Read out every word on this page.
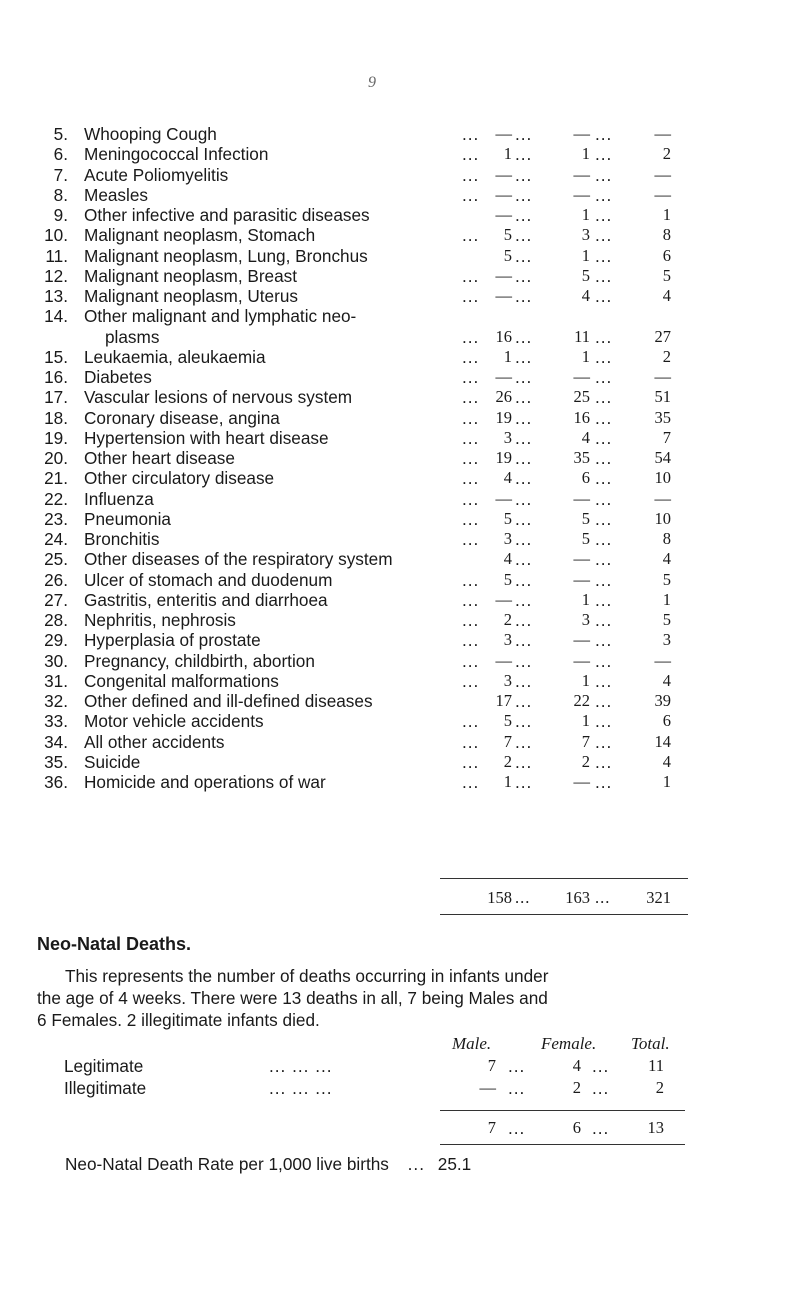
9
5. Whooping Cough	... — ...	— ...	—
6. Meningococcal Infection	...	1 ...	1 ...	2
7. Acute Poliomyelitis	... — ...	— ...	—
8. Measles	... — ...	— ...	—
9. Other infective and parasitic diseases	— ...	1 ...	1
10. Malignant neoplasm, Stomach	...	5 ...	3 ...	8
11. Malignant neoplasm, Lung, Bronchus	5 ...	1 ...	6
12. Malignant neoplasm, Breast	... — ...	5 ...	5
13. Malignant neoplasm, Uterus	... — ...	4 ...	4
14. Other malignant and lymphatic neo-
plasms	... 16 ...	11 ...	27
15. Leukaemia, aleukaemia	...	1 ...	1 ...	2
16. Diabetes	... — ...	— ...	—
17. Vascular lesions of nervous system	... 26 ...	25 ...	51
18. Coronary disease, angina	... 19 ...	16 ...	35
19. Hypertension with heart disease	...	3 ...	4 ...	7
20. Other heart disease	... 19 ...	35 ...	54
21. Other circulatory disease	...	4 ...	6 ...	10
22. Influenza	... — ...	— ...	—
23. Pneumonia	...	5 ...	5 ...	10
24. Bronchitis	...	3 ...	5 ...	8
25. Other diseases of the respiratory system	4 ...	— ...	4
26. Ulcer of stomach and duodenum	...	5 ...	— ...	5
27. Gastritis, enteritis and diarrhoea	... — ...	1 ...	1
28. Nephritis, nephrosis	...	2 ...	3 ...	5
29. Hyperplasia of prostate	...	3 ...	— ...	3
30. Pregnancy, childbirth, abortion	... — ...	— ...	—
31. Congenital malformations	...	3 ...	1 ...	4
32. Other defined and ill-defined diseases	17 ...	22 ...	39
33. Motor vehicle accidents	...	5 ...	1 ...	6
34. All other accidents	...	7 ...	7 ...	14
35. Suicide	...	2 ...	2 ...	4
36. Homicide and operations of war	...	1 ...	— ...	1
158 ...	163 ...	321
Neo-Natal Deaths.
This represents the number of deaths occurring in infants under
the age of 4 weeks. There were 13 deaths in all, 7 being Males and
6 Females. 2 illegitimate infants died.
Male.	Female. Total.
Legitimate	... ... ...	7 ...	4 ...	11
Illegitimate	... ... ...	— ...	2 ...	2
7 ...	6 ...	13
Neo-Natal Death Rate per 1,000 live births ... 25.1
